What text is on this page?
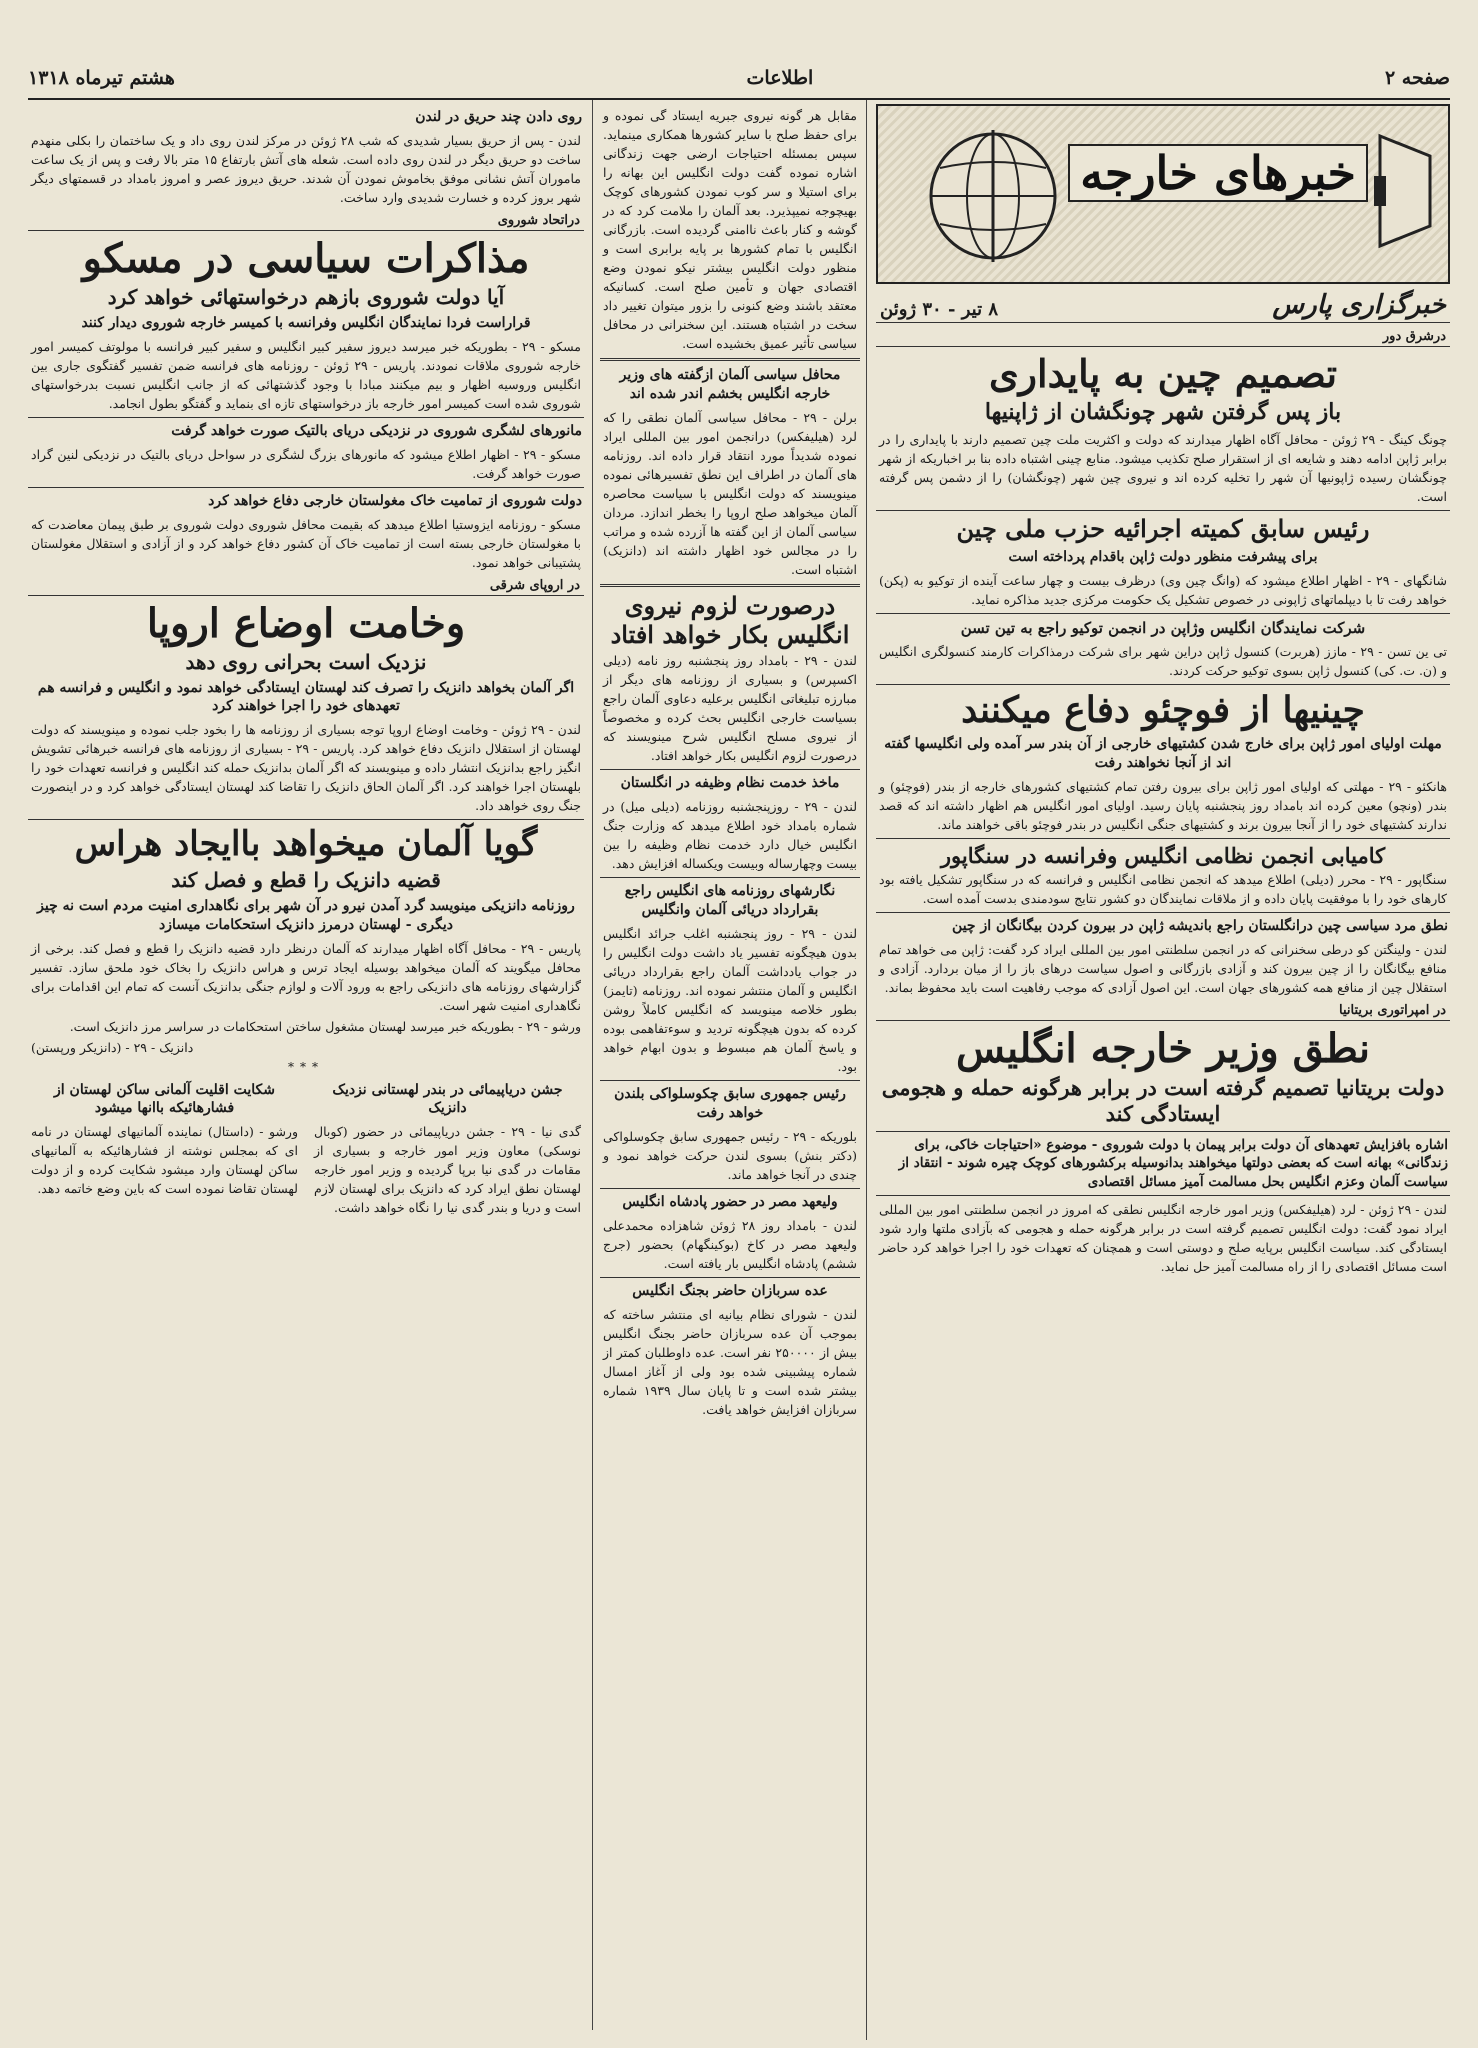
صفحه ۲
اطلاعات
هشتم تیرماه ۱۳۱۸
خبرهای خارجه
خبرگزاری پارس
۸ تیر - ۳۰ ژوئن
درشرق دور
تصمیم چین به پایداری
باز پس گرفتن شهر چونگشان از ژاپنیها
چونگ کینگ - ۲۹ ژوئن - محافل آگاه اظهار میدارند که دولت و اکثریت ملت چین تصمیم دارند با پایداری را در برابر ژاپن ادامه دهند و شایعه ای از استقرار صلح تکذیب میشود. منابع چینی اشتباه داده بنا بر اخباریکه از شهر چونگشان رسیده ژاپونیها آن شهر را تخلیه کرده اند و نیروی چین شهر (چونگشان) را از دشمن پس گرفته است.
رئیس سابق کمیته اجرائیه حزب ملی چین
برای پیشرفت منظور دولت ژاپن باقدام پرداخته است
شانگهای - ۲۹ - اظهار اطلاع میشود که (وانگ چین وی) درظرف بیست و چهار ساعت آینده از توکیو به (پکن) خواهد رفت تا با دیپلماتهای ژاپونی در خصوص تشکیل یک حکومت مرکزی جدید مذاکره نماید.
شرکت نمایندگان انگلیس وژاپن در انجمن توکیو راجع به تین تسن
تی ین تسن - ۲۹ - مازز (هربرت) کنسول ژاپن دراین شهر برای شرکت درمذاکرات کارمند کنسولگری انگلیس و (ن. ت. کی) کنسول ژاپن بسوی توکیو حرکت کردند.
چینیها از فوچئو دفاع میکنند
مهلت اولیای امور ژاپن برای خارج شدن کشتیهای خارجی از آن بندر سر آمده ولی انگلیسها گفته اند از آنجا نخواهند رفت
هانکئو - ۲۹ - مهلتی که اولیای امور ژاپن برای بیرون رفتن تمام کشتیهای کشورهای خارجه از بندر (فوچئو) و بندر (ونچو) معین کرده اند بامداد روز پنجشنبه پایان رسید. اولیای امور انگلیس هم اظهار داشته اند که قصد ندارند کشتیهای خود را از آنجا بیرون برند و کشتیهای جنگی انگلیس در بندر فوچئو باقی خواهند ماند.
کامیابی انجمن نظامی انگلیس وفرانسه در سنگاپور
سنگاپور - ۲۹ - محرر (دیلی) اطلاع میدهد که انجمن نظامی انگلیس و فرانسه که در سنگاپور تشکیل یافته بود کارهای خود را با موفقیت پایان داده و از ملاقات نمایندگان دو کشور نتایج سودمندی بدست آمده است.
نطق مرد سیاسی چین درانگلستان راجع بانديشه ژاپن در بیرون کردن بیگانگان از چین
لندن - ولینگتن کو درطی سخنرانی که در انجمن سلطنتی امور بین المللی ایراد کرد گفت: ژاپن می خواهد تمام منافع بیگانگان را از چین بیرون کند و آزادی بازرگانی و اصول سیاست درهای باز را از میان بردارد. آزادی و استقلال چین از منافع همه کشورهای جهان است. این اصول آزادی که موجب رفاهیت است باید محفوظ بماند.
در امپراتوری بریتانیا
نطق وزیر خارجه انگلیس
دولت بریتانیا تصمیم گرفته است در برابر هرگونه حمله و هجومی ایستادگی کند
اشاره بافزایش تعهدهای آن دولت برابر پیمان با دولت شوروی - موضوع «احتیاجات خاکی، برای زندگانی» بهانه است که بعضی دولتها میخواهند بدانوسیله برکشورهای کوچک چیره شوند - انتقاد از سیاست آلمان وعزم انگلیس بحل مسالمت آمیز مسائل اقتصادی
لندن - ۲۹ ژوئن - لرد (هیلیفکس) وزیر امور خارجه انگلیس نطقی که امروز در انجمن سلطنتی امور بین المللی ایراد نمود گفت: دولت انگلیس تصمیم گرفته است در برابر هرگونه حمله و هجومی که بآزادی ملتها وارد شود ایستادگی کند. سیاست انگلیس برپایه صلح و دوستی است و همچنان که تعهدات خود را اجرا خواهد کرد حاضر است مسائل اقتصادی را از راه مسالمت آمیز حل نماید.
مقابل هر گونه نیروی جبریه ایستاد گی نموده و برای حفظ صلح با سایر کشورها همکاری مینماید. سپس بمسئله احتیاجات ارضی جهت زندگانی اشاره نموده گفت دولت انگلیس این بهانه را برای استیلا و سر کوب نمودن کشورهای کوچک بهیچوجه نمیپذیرد. بعد آلمان را ملامت کرد که در گوشه و کنار باعث ناامنی گردیده است. بازرگانی انگلیس با تمام کشورها بر پایه برابری است و منظور دولت انگلیس بیشتر نیکو نمودن وضع اقتصادی جهان و تأمین صلح است. کسانیکه معتقد باشند وضع کنونی را بزور میتوان تغییر داد سخت در اشتباه هستند. این سخنرانی در محافل سیاسی تأثیر عمیق بخشیده است.
محافل سیاسی آلمان ازگفته های وزیر خارجه انگلیس بخشم اندر شده اند
برلن - ۲۹ - محافل سیاسی آلمان نطقی را که لرد (هیلیفکس) درانجمن امور بین المللی ایراد نموده شدیداً مورد انتقاد قرار داده اند. روزنامه های آلمان در اطراف این نطق تفسیرهائی نموده مینویسند که دولت انگلیس با سیاست محاصره آلمان میخواهد صلح اروپا را بخطر اندازد. مردان سیاسی آلمان از این گفته ها آزرده شده و مراتب را در مجالس خود اظهار داشته اند (دانزیک) اشتباه است.
درصورت لزوم نیروی انگلیس بکار خواهد افتاد
لندن - ۲۹ - بامداد روز پنجشنبه روز نامه (دیلی اکسپرس) و بسیاری از روزنامه های دیگر از مبارزه تبلیغاتی انگلیس برعلیه دعاوی آلمان راجع بسیاست خارجی انگلیس بحث کرده و مخصوصاً از نیروی مسلح انگلیس شرح مینویسند که درصورت لزوم انگلیس بکار خواهد افتاد.
ماخذ خدمت نظام وظیفه در انگلستان
لندن - ۲۹ - روزپنجشنبه روزنامه (دیلی میل) در شماره بامداد خود اطلاع میدهد که وزارت جنگ انگلیس خیال دارد خدمت نظام وظیفه را بین بیست وچهارساله وبیست ویکساله افزایش دهد.
نگارشهای روزنامه های انگلیس راجع بقرارداد دریائی آلمان وانگلیس
لندن - ۲۹ - روز پنجشنبه اغلب جرائد انگلیس بدون هیچگونه تفسیر یاد داشت دولت انگلیس را در جواب یادداشت آلمان راجع بقرارداد دریائی انگلیس و آلمان منتشر نموده اند. روزنامه (تایمز) بطور خلاصه مینویسد که انگلیس کاملاً روشن کرده که بدون هیچگونه تردید و سوءتفاهمی بوده و یاسخ آلمان هم مبسوط و بدون ابهام خواهد بود.
رئیس جمهوری سابق چکوسلواکی بلندن خواهد رفت
بلوریکه - ۲۹ - رئیس جمهوری سابق چکوسلواکی (دکتر بنش) بسوی لندن حرکت خواهد نمود و چندی در آنجا خواهد ماند.
ولیعهد مصر در حضور پادشاه انگلیس
لندن - بامداد روز ۲۸ ژوئن شاهزاده محمدعلی ولیعهد مصر در کاخ (بوکینگهام) بحضور (جرج ششم) پادشاه انگلیس بار یافته است.
عده سربازان حاضر بجنگ انگلیس
لندن - شورای نظام بیانیه ای منتشر ساخته که بموجب آن عده سربازان حاضر بجنگ انگلیس بیش از ۲۵۰۰۰۰ نفر است. عده داوطلبان کمتر از شماره پیشبینی شده بود ولی از آغاز امسال بیشتر شده است و تا پایان سال ۱۹۳۹ شماره سربازان افزایش خواهد یافت.
روی دادن چند حریق در لندن
لندن - پس از حریق بسیار شدیدی که شب ۲۸ ژوئن در مرکز لندن روی داد و یک ساختمان را بکلی منهدم ساخت دو حریق دیگر در لندن روی داده است. شعله های آتش بارتفاع ۱۵ متر بالا رفت و پس از یک ساعت ماموران آتش نشانی موفق بخاموش نمودن آن شدند. حریق دیروز عصر و امروز بامداد در قسمتهای دیگر شهر بروز کرده و خسارت شدیدی وارد ساخت.
دراتحاد شوروی
مذاکرات سیاسی در مسکو
آیا دولت شوروی بازهم درخواستهائی خواهد کرد
قراراست فردا نمایندگان انگلیس وفرانسه با کمیسر خارجه شوروی دیدار کنند
مسکو - ۲۹ - بطوریکه خبر میرسد دیروز سفیر کبیر انگلیس و سفیر کبیر فرانسه با مولوتف کمیسر امور خارجه شوروی ملاقات نمودند. پاریس - ۲۹ ژوئن - روزنامه های فرانسه ضمن تفسیر گفتگوی جاری بین انگلیس وروسیه اظهار و بیم میکنند مبادا با وجود گذشتهائی که از جانب انگلیس نسبت بدرخواستهای شوروی شده است کمیسر امور خارجه باز درخواستهای تازه ای بنماید و گفتگو بطول انجامد.
مانورهای لشگری شوروی در نزدیکی دریای بالتیک صورت خواهد گرفت
مسکو - ۲۹ - اظهار اطلاع میشود که مانورهای بزرگ لشگری در سواحل دریای بالتیک در نزدیکی لنین گراد صورت خواهد گرفت.
دولت شوروی از تمامیت خاک مغولستان خارجی دفاع خواهد کرد
مسکو - روزنامه ایزوستیا اطلاع میدهد که بقیمت محافل شوروی دولت شوروی بر طبق پیمان معاضدت که با مغولستان خارجی بسته است از تمامیت خاک آن کشور دفاع خواهد کرد و از آزادی و استقلال مغولستان پشتیبانی خواهد نمود.
در اروپای شرقی
وخامت اوضاع اروپا
نزدیک است بحرانی روی دهد
اگر آلمان بخواهد دانزیک را تصرف کند لهستان ایستادگی خواهد نمود و انگلیس و فرانسه هم تعهدهای خود را اجرا خواهند کرد
لندن - ۲۹ ژوئن - وخامت اوضاع اروپا توجه بسیاری از روزنامه ها را بخود جلب نموده و مینویسند که دولت لهستان از استقلال دانزیک دفاع خواهد کرد. پاریس - ۲۹ - بسیاری از روزنامه های فرانسه خبرهائی تشویش انگیز راجع بدانزیک انتشار داده و مینویسند که اگر آلمان بدانزیک حمله کند انگلیس و فرانسه تعهدات خود را بلهستان اجرا خواهند کرد. اگر آلمان الحاق دانزیک را تقاضا کند لهستان ایستادگی خواهد کرد و در اینصورت جنگ روی خواهد داد.
گویا آلمان میخواهد باایجاد هراس
قضیه دانزیک را قطع و فصل کند
روزنامه دانزیکی مینویسد گرد آمدن نیرو در آن شهر برای نگاهداری امنیت مردم است نه چیز دیگری - لهستان درمرز دانزیک استحکامات میسازد
پاریس - ۲۹ - محافل آگاه اظهار میدارند که آلمان درنظر دارد قضیه دانزیک را قطع و فصل کند. برخی از محافل میگویند که آلمان میخواهد بوسیله ایجاد ترس و هراس دانزیک را بخاک خود ملحق سازد. تفسیر گزارشهای روزنامه های دانزیکی راجع به ورود آلات و لوازم جنگی بدانزیک آنست که تمام این اقدامات برای نگاهداری امنیت شهر است.
ورشو - ۲۹ - بطوریکه خبر میرسد لهستان مشغول ساختن استحکامات در سراسر مرز دانزیک است.
دانزیک - ۲۹ - (دانزیکر ورپستن)
***
جشن دریاپیمائی در بندر لهستانی نزدیک دانزیک
گدی نیا - ۲۹ - جشن دریاپیمائی در حضور (کوبال نوسکی) معاون وزیر امور خارجه و بسیاری از مقامات در گدی نیا برپا گردیده و وزیر امور خارجه لهستان نطق ایراد کرد که دانزیک برای لهستان لازم است و دریا و بندر گدی نیا را نگاه خواهد داشت.
شکایت اقلیت آلمانی ساکن لهستان از فشارهائیکه باانها میشود
ورشو - (داستال) نماینده آلمانیهای لهستان در نامه ای که بمجلس نوشته از فشارهائیکه به آلمانیهای ساکن لهستان وارد میشود شکایت کرده و از دولت لهستان تقاضا نموده است که باین وضع خاتمه دهد.
